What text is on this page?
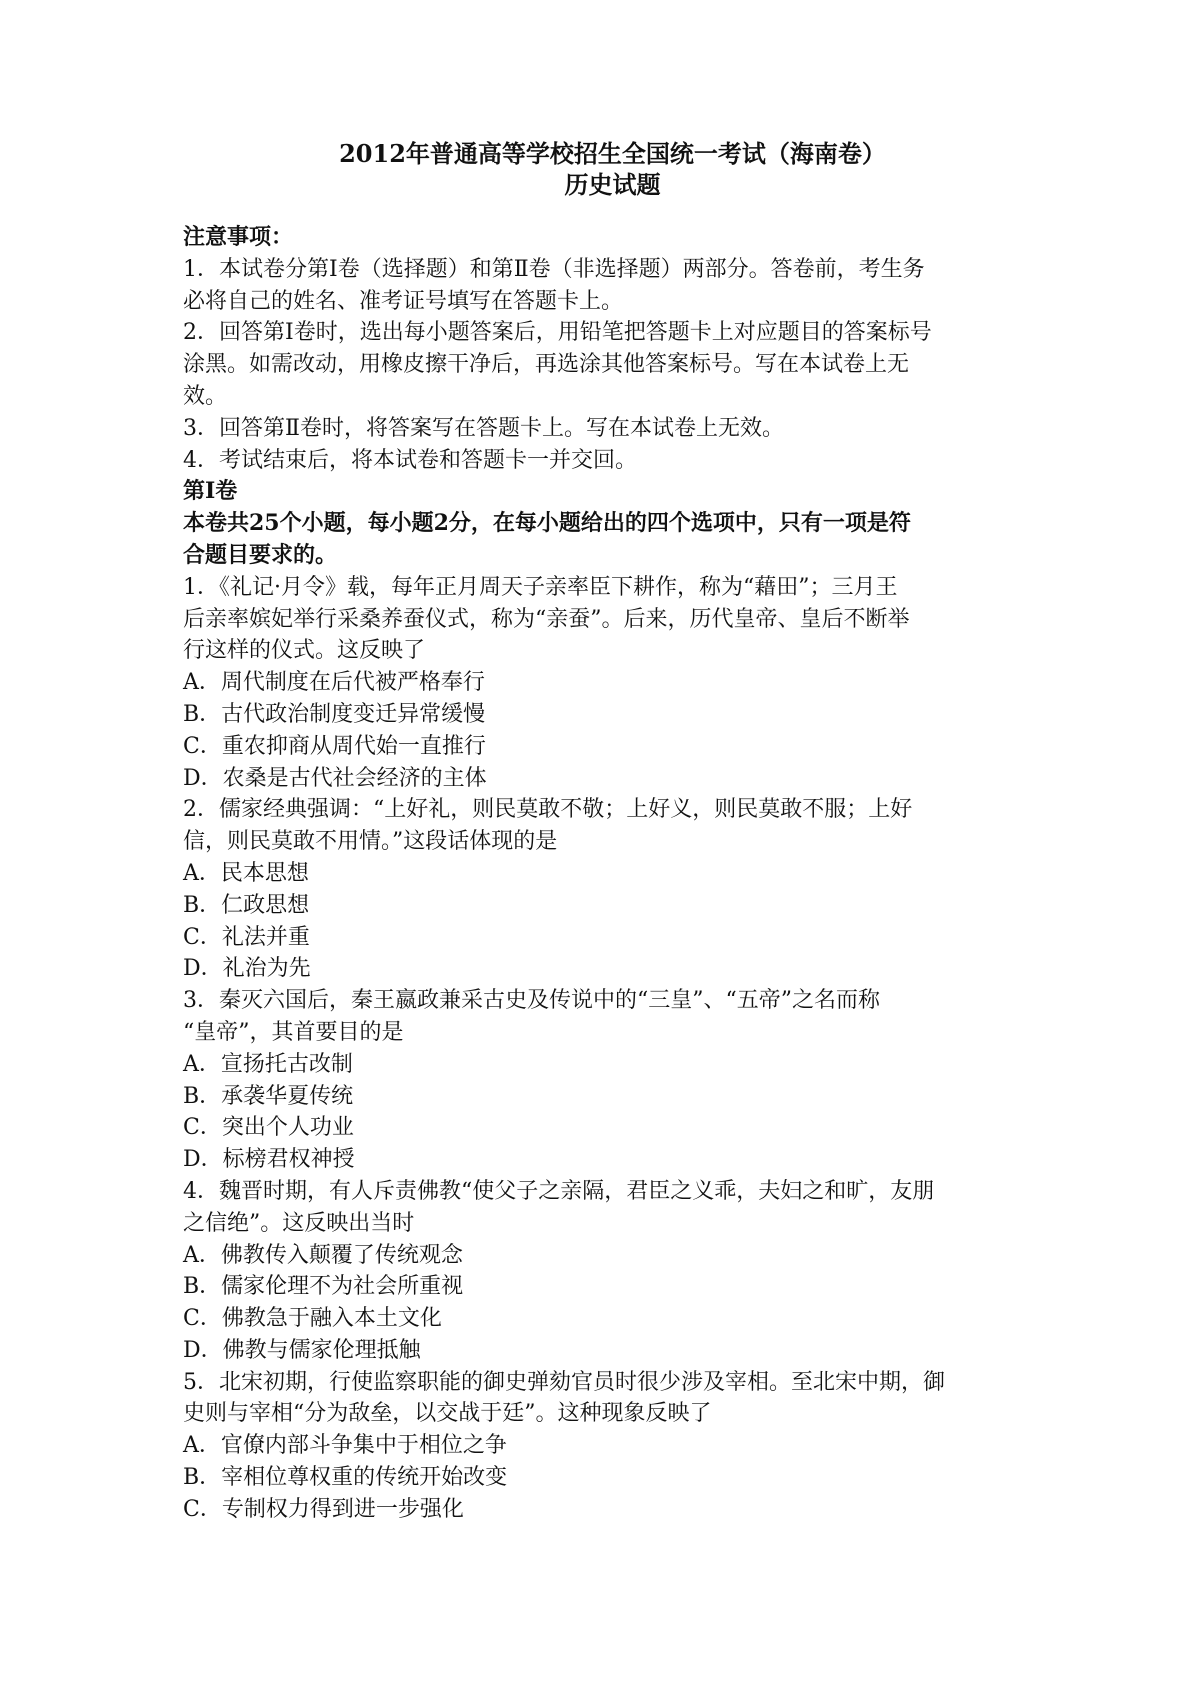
2012年普通高等学校招生全国统一考试（海南卷）
历史试题
注意事项：
1．本试卷分第Ⅰ卷（选择题）和第Ⅱ卷（非选择题）两部分。答卷前，考生务
必将自己的姓名、准考证号填写在答题卡上。
2．回答第Ⅰ卷时，选出每小题答案后，用铅笔把答题卡上对应题目的答案标号
涂黑。如需改动，用橡皮擦干净后，再选涂其他答案标号。写在本试卷上无
效。
3．回答第Ⅱ卷时，将答案写在答题卡上。写在本试卷上无效。
4．考试结束后，将本试卷和答题卡一并交回。
第Ⅰ卷
本卷共25个小题，每小题2分，在每小题给出的四个选项中，只有一项是符
合题目要求的。
1．《礼记·月令》载，每年正月周天子亲率臣下耕作，称为“藉田”；三月王
后亲率嫔妃举行采桑养蚕仪式，称为“亲蚕”。后来，历代皇帝、皇后不断举
行这样的仪式。这反映了
A．周代制度在后代被严格奉行
B．古代政治制度变迁异常缓慢
C．重农抑商从周代始一直推行
D．农桑是古代社会经济的主体
2．儒家经典强调：“上好礼，则民莫敢不敬；上好义，则民莫敢不服；上好
信，则民莫敢不用情。”这段话体现的是
A．民本思想
B．仁政思想
C．礼法并重
D．礼治为先
3．秦灭六国后，秦王嬴政兼采古史及传说中的“三皇”、“五帝”之名而称
“皇帝”，其首要目的是
A．宣扬托古改制
B．承袭华夏传统
C．突出个人功业
D．标榜君权神授
4．魏晋时期，有人斥责佛教“使父子之亲隔，君臣之义乖，夫妇之和旷，友朋
之信绝”。这反映出当时
A．佛教传入颠覆了传统观念
B．儒家伦理不为社会所重视
C．佛教急于融入本土文化
D．佛教与儒家伦理抵触
5．北宋初期，行使监察职能的御史弹劾官员时很少涉及宰相。至北宋中期，御
史则与宰相“分为敌垒，以交战于廷”。这种现象反映了
A．官僚内部斗争集中于相位之争
B．宰相位尊权重的传统开始改变
C．专制权力得到进一步强化
